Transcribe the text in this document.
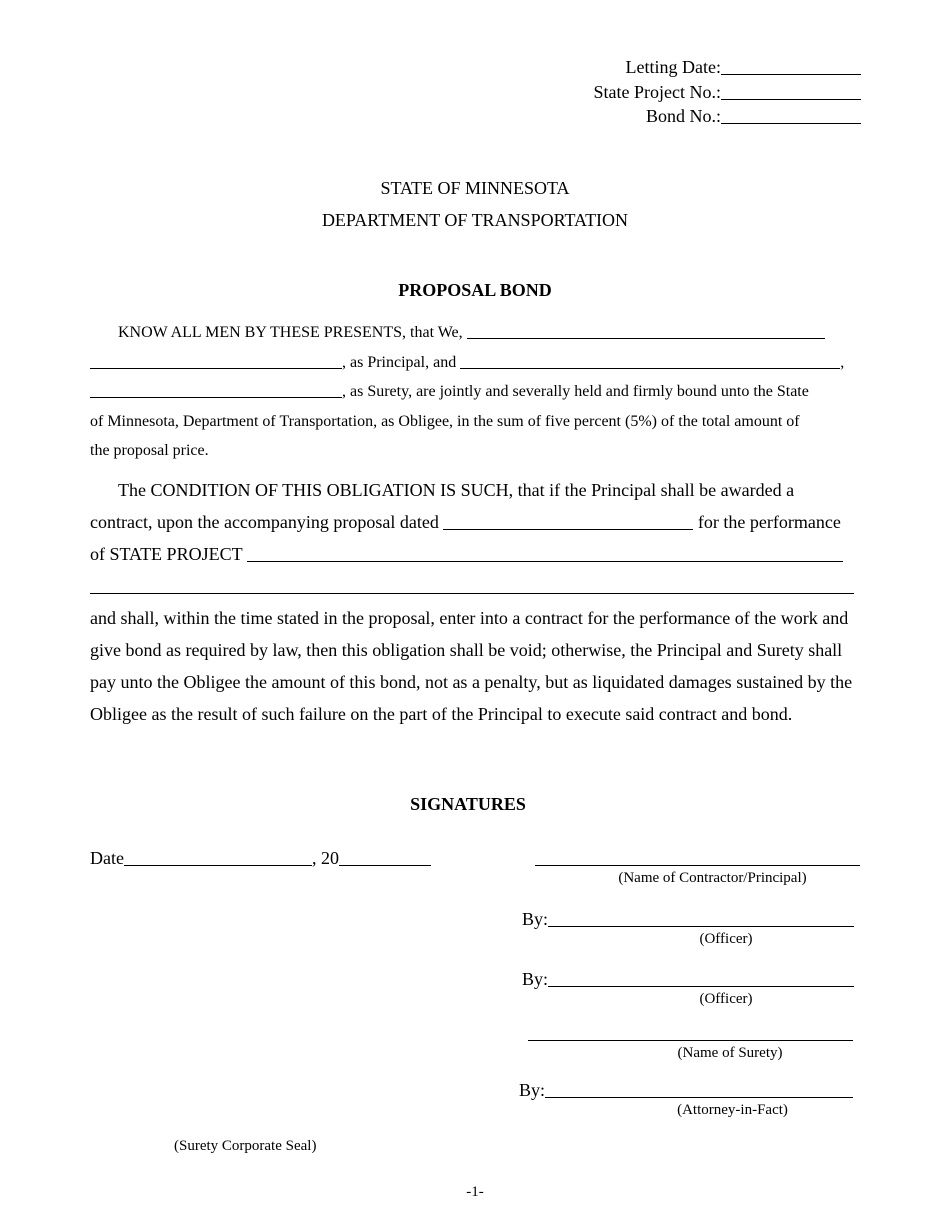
Letting Date:
State Project No.:
Bond No.:
STATE OF MINNESOTA
DEPARTMENT OF TRANSPORTATION
PROPOSAL BOND
KNOW ALL MEN BY THESE PRESENTS, that We,
, as Principal, and	,
, as Surety, are jointly and severally held and firmly bound unto the State
of Minnesota, Department of Transportation, as Obligee, in the sum of five percent (5%) of the total amount of
the proposal price.
The CONDITION OF THIS OBLIGATION IS SUCH, that if the Principal shall be awarded a
contract, upon the accompanying proposal dated	for the performance
of STATE PROJECT
and shall, within the time stated in the proposal, enter into a contract for the performance of the work and give bond as required by law, then this obligation shall be void; otherwise, the Principal and Surety shall pay unto the Obligee the amount of this bond, not as a penalty, but as liquidated damages sustained by the Obligee as the result of such failure on the part of the Principal to execute said contract and bond.
SIGNATURES
Date	, 20
(Name of Contractor/Principal)
By:
(Officer)
By:
(Officer)
(Name of Surety)
By:
(Attorney-in-Fact)
(Surety Corporate Seal)
-1-
